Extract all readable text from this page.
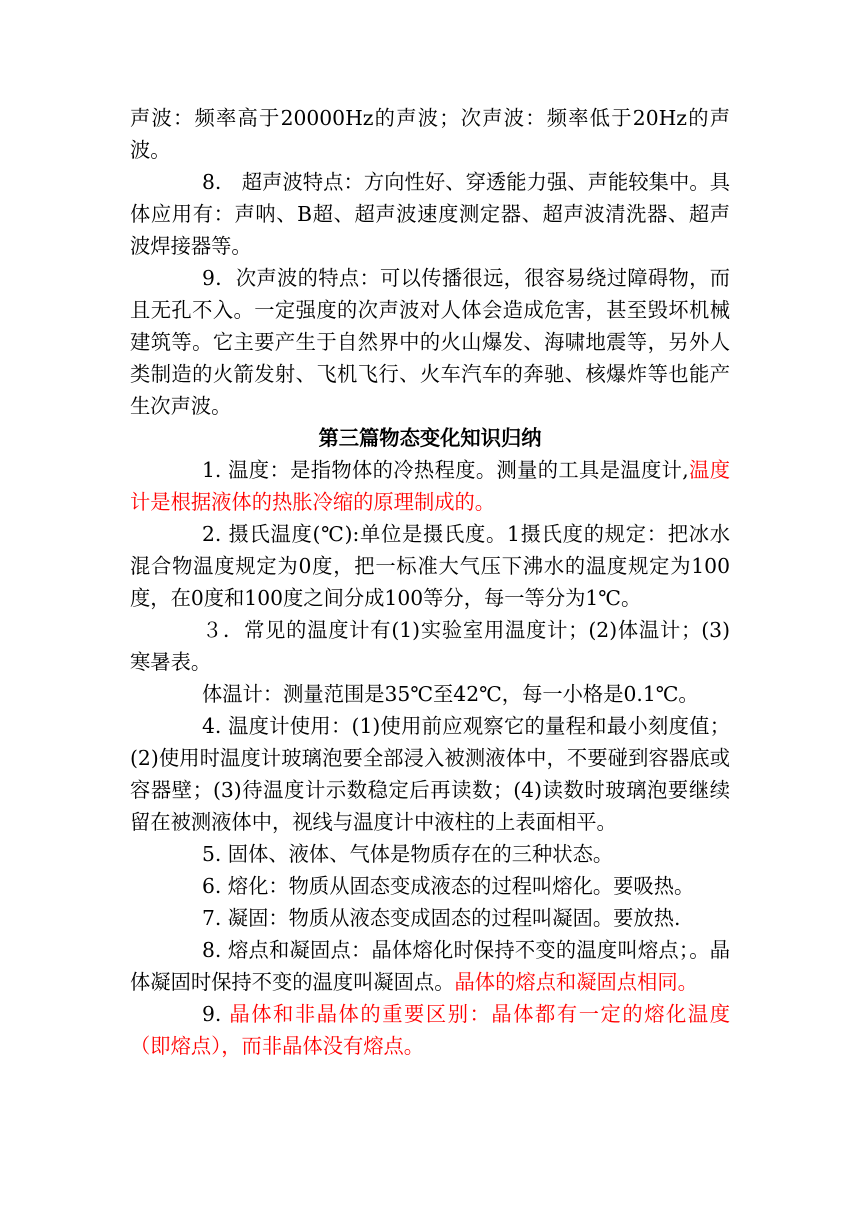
声波：频率高于20000Hz的声波；次声波：频率低于20Hz的声波。

8.　超声波特点：方向性好、穿透能力强、声能较集中。具体应用有：声呐、B超、超声波速度测定器、超声波清洗器、超声波焊接器等。

9．次声波的特点：可以传播很远，很容易绕过障碍物，而且无孔不入。一定强度的次声波对人体会造成危害，甚至毁坏机械建筑等。它主要产生于自然界中的火山爆发、海啸地震等，另外人类制造的火箭发射、飞机飞行、火车汽车的奔驰、核爆炸等也能产生次声波。

第三篇物态变化知识归纳

1. 温度：是指物体的冷热程度。测量的工具是温度计,温度计是根据液体的热胀冷缩的原理制成的。

2. 摄氏温度(℃):单位是摄氏度。1摄氏度的规定：把冰水混合物温度规定为0度，把一标准大气压下沸水的温度规定为100度，在0度和100度之间分成100等分，每一等分为1℃。

３．常见的温度计有(1)实验室用温度计；(2)体温计；(3)寒暑表。

体温计：测量范围是35℃至42℃，每一小格是0.1℃。

4. 温度计使用：(1)使用前应观察它的量程和最小刻度值；(2)使用时温度计玻璃泡要全部浸入被测液体中，不要碰到容器底或容器壁；(3)待温度计示数稳定后再读数；(4)读数时玻璃泡要继续留在被测液体中，视线与温度计中液柱的上表面相平。

5. 固体、液体、气体是物质存在的三种状态。

6. 熔化：物质从固态变成液态的过程叫熔化。要吸热。

7. 凝固：物质从液态变成固态的过程叫凝固。要放热.

8. 熔点和凝固点：晶体熔化时保持不变的温度叫熔点；。晶体凝固时保持不变的温度叫凝固点。晶体的熔点和凝固点相同。

9. 晶体和非晶体的重要区别：晶体都有一定的熔化温度（即熔点），而非晶体没有熔点。
